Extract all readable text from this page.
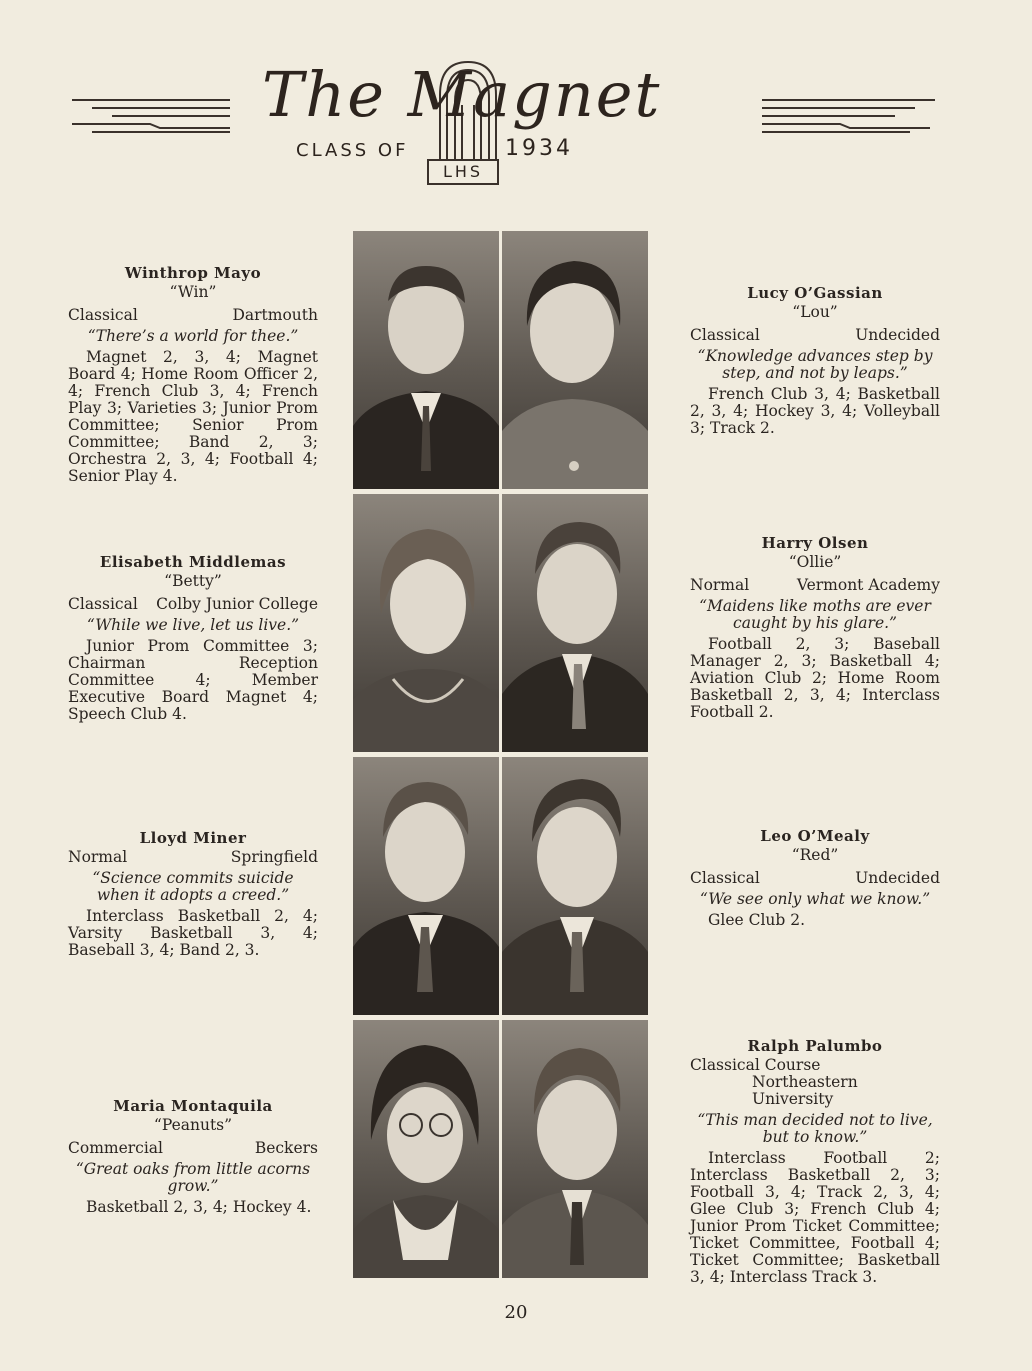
The Magnet
CLASS OF	1934
LHS
Winthrop Mayo
“Win”
Classical	Dartmouth
“There’s a world for thee.”
Magnet 2, 3, 4; Magnet Board 4; Home Room Officer 2, 4; French Club 3, 4; French Play 3; Varieties 3; Junior Prom Committee; Senior Prom Committee; Band 2, 3; Orchestra 2, 3, 4; Football 4; Senior Play 4.
Lucy O’Gassian
“Lou”
Classical	Undecided
“Knowledge advances step by step, and not by leaps.”
French Club 3, 4; Basketball 2, 3, 4; Hockey 3, 4; Volleyball 3; Track 2.
Elisabeth Middlemas
“Betty”
Classical Colby Junior College
“While we live, let us live.”
Junior Prom Committee 3; Chairman Reception Committee 4; Member Executive Board Magnet 4; Speech Club 4.
Harry Olsen
“Ollie”
Normal	Vermont Academy
“Maidens like moths are ever caught by his glare.”
Football 2, 3; Baseball Manager 2, 3; Basketball 4; Aviation Club 2; Home Room Basketball 2, 3, 4; Interclass Football 2.
Lloyd Miner
Normal	Springfield
“Science commits suicide when it adopts a creed.”
Interclass Basketball 2, 4; Varsity Basketball 3, 4; Baseball 3, 4; Band 2, 3.
Leo O’Mealy
“Red”
Classical	Undecided
“We see only what we know.”
Glee Club 2.
Maria Montaquila
“Peanuts”
Commercial	Beckers
“Great oaks from little acorns grow.”
Basketball 2, 3, 4; Hockey 4.
Ralph Palumbo
Classical Course
Northeastern University
“This man decided not to live, but to know.”
Interclass Football 2; Interclass Basketball 2, 3; Football 3, 4; Track 2, 3, 4; Glee Club 3; French Club 4; Junior Prom Ticket Committee; Ticket Committee, Football 4; Ticket Committee; Basketball 3, 4; Interclass Track 3.
20
